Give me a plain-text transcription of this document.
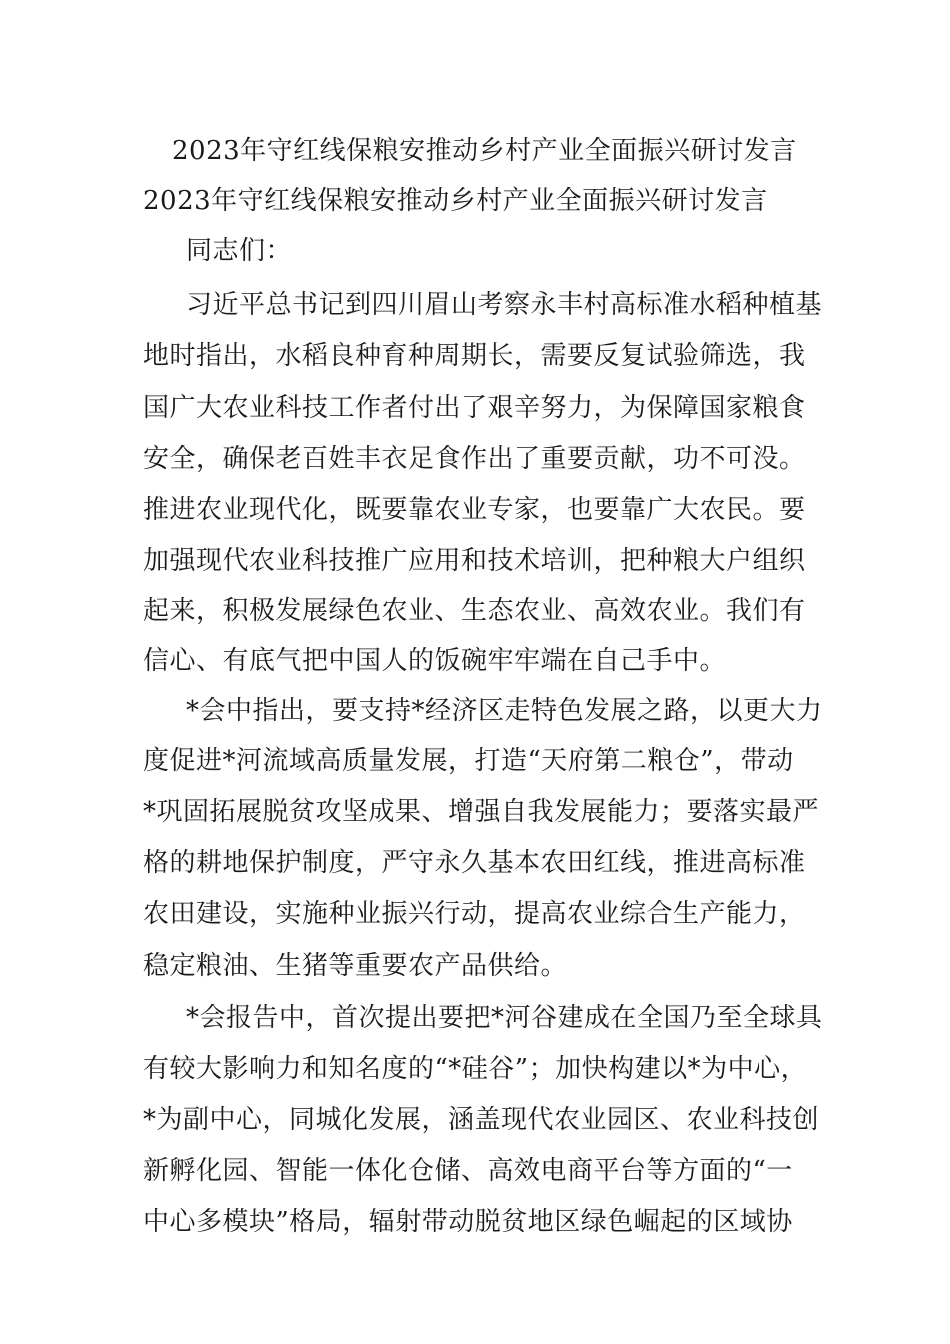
2023年守红线保粮安推动乡村产业全面振兴研讨发言
2023年守红线保粮安推动乡村产业全面振兴研讨发言
同志们：
习近平总书记到四川眉山考察永丰村高标准水稻种植基
地时指出，水稻良种育种周期长，需要反复试验筛选，我
国广大农业科技工作者付出了艰辛努力，为保障国家粮食
安全，确保老百姓丰衣足食作出了重要贡献，功不可没。
推进农业现代化，既要靠农业专家，也要靠广大农民。要
加强现代农业科技推广应用和技术培训，把种粮大户组织
起来，积极发展绿色农业、生态农业、高效农业。我们有
信心、有底气把中国人的饭碗牢牢端在自己手中。
*会中指出，要支持*经济区走特色发展之路，以更大力
度促进*河流域高质量发展，打造“天府第二粮仓”，带动
*巩固拓展脱贫攻坚成果、增强自我发展能力；要落实最严
格的耕地保护制度，严守永久基本农田红线，推进高标准
农田建设，实施种业振兴行动，提高农业综合生产能力，
稳定粮油、生猪等重要农产品供给。
*会报告中，首次提出要把*河谷建成在全国乃至全球具
有较大影响力和知名度的“*硅谷”；加快构建以*为中心，
*为副中心，同城化发展，涵盖现代农业园区、农业科技创
新孵化园、智能一体化仓储、高效电商平台等方面的“一
中心多模块”格局，辐射带动脱贫地区绿色崛起的区域协
